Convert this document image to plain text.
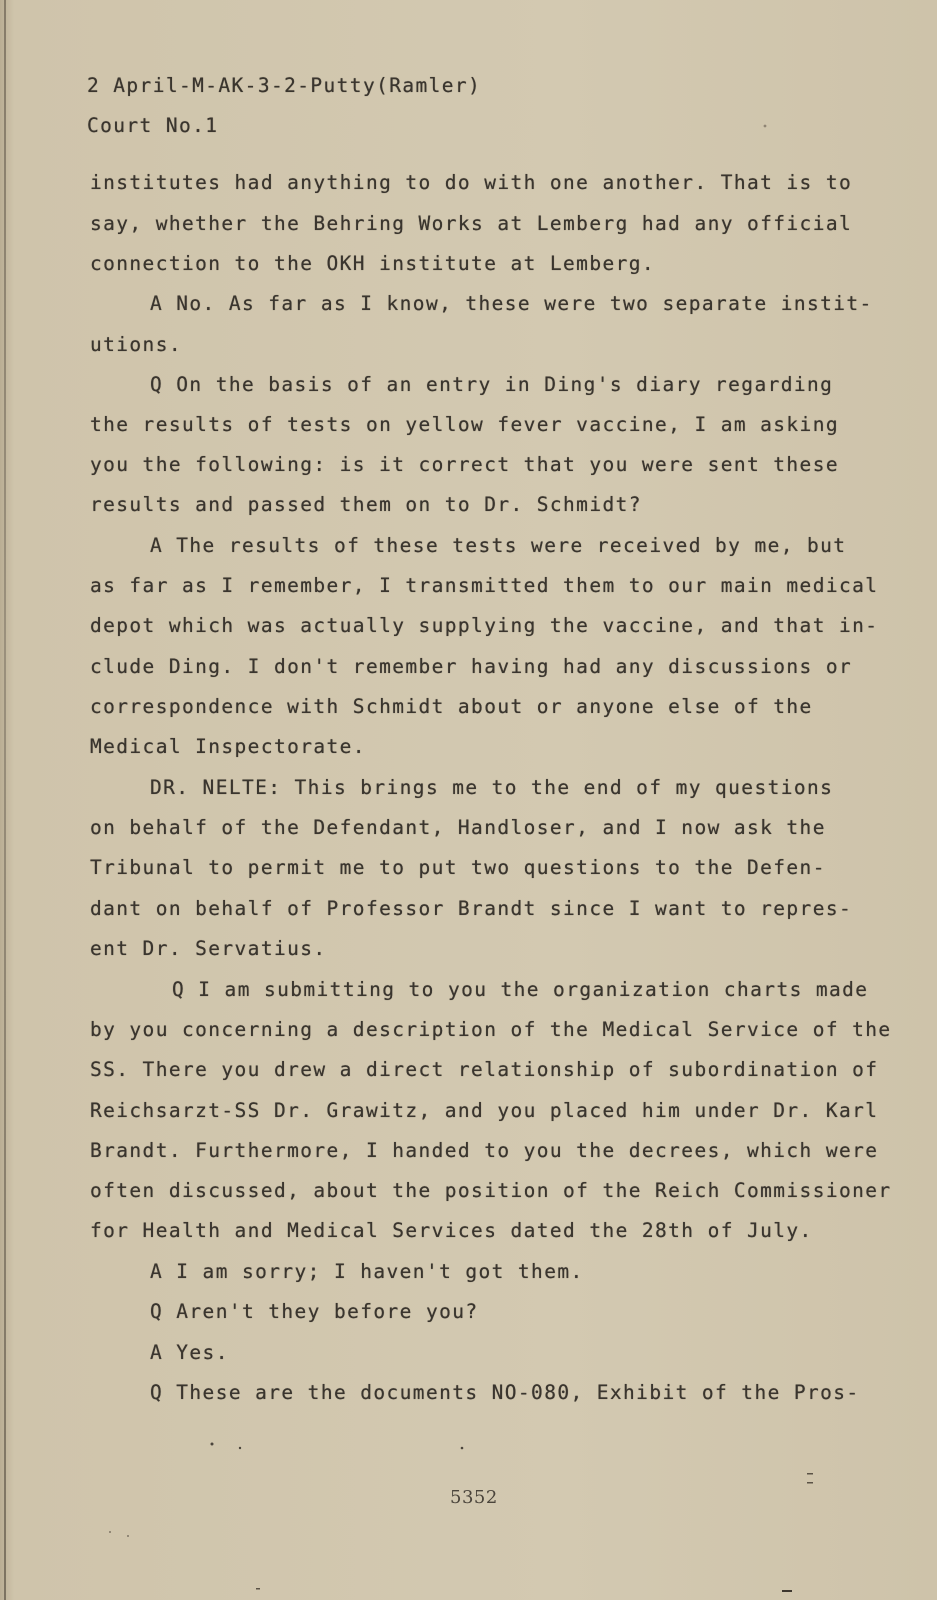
2 April-M-AK-3-2-Putty(Ramler)
Court No.1
institutes had anything to do with one another. That is to
say, whether the Behring Works at Lemberg had any official
connection to the OKH institute at Lemberg.
A No. As far as I know, these were two separate instit-
utions.
Q On the basis of an entry in Ding's diary regarding
the results of tests on yellow fever vaccine, I am asking
you the following: is it correct that you were sent these
results and passed them on to Dr. Schmidt?
A The results of these tests were received by me, but
as far as I remember, I transmitted them to our main medical
depot which was actually supplying the vaccine, and that in-
clude Ding. I don't remember having had any discussions or
correspondence with Schmidt about or anyone else of the
Medical Inspectorate.
DR. NELTE: This brings me to the end of my questions
on behalf of the Defendant, Handloser, and I now ask the
Tribunal to permit me to put two questions to the Defen-
dant on behalf of Professor Brandt since I want to repres-
ent Dr. Servatius.
Q I am submitting to you the organization charts made
by you concerning a description of the Medical Service of the
SS. There you drew a direct relationship of subordination of
Reichsarzt-SS Dr. Grawitz, and you placed him under Dr. Karl
Brandt. Furthermore, I handed to you the decrees, which were
often discussed, about the position of the Reich Commissioner
for Health and Medical Services dated the 28th of July.
A I am sorry; I haven't got them.
Q Aren't they before you?
A Yes.
Q These are the documents NO-080, Exhibit of the Pros-
5352
